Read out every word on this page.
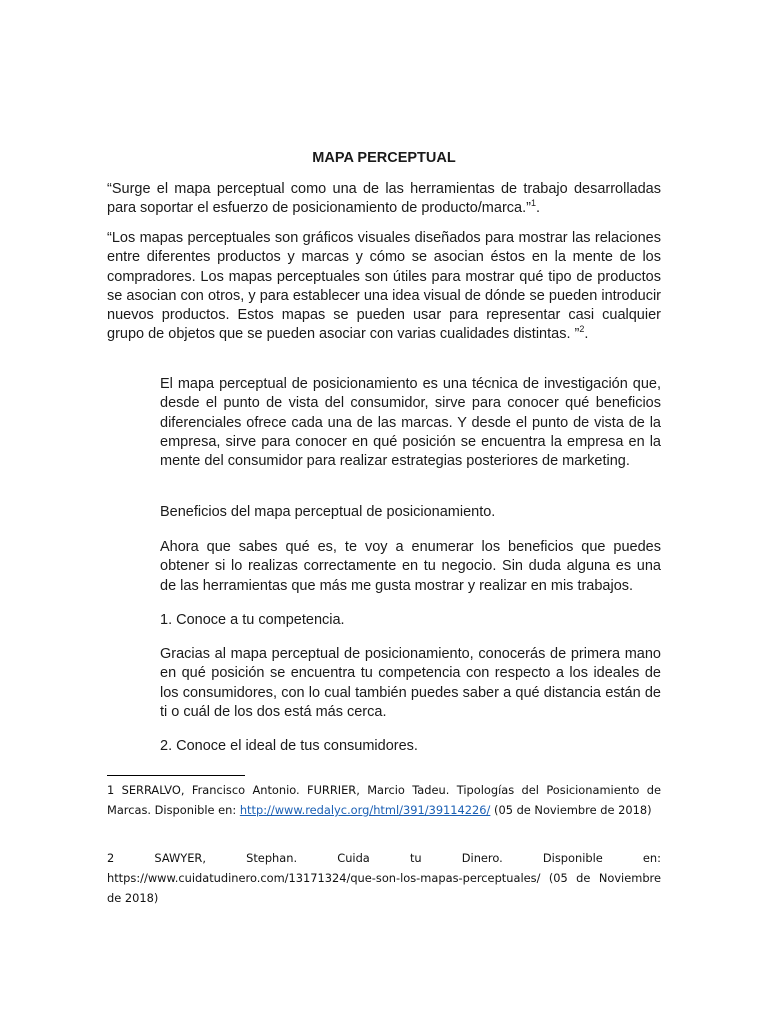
MAPA PERCEPTUAL

“Surge el mapa perceptual como una de las herramientas de trabajo desarrolladas para soportar el esfuerzo de posicionamiento de producto/marca.”$^1$.

“Los mapas perceptuales son gráficos visuales diseñados para mostrar las relaciones entre diferentes productos y marcas y cómo se asocian éstos en la mente de los compradores. Los mapas perceptuales son útiles para mostrar qué tipo de productos se asocian con otros, y para establecer una idea visual de dónde se pueden introducir nuevos productos. Estos mapas se pueden usar para representar casi cualquier grupo de objetos que se pueden asociar con varias cualidades distintas. ”$^2$.

El mapa perceptual de posicionamiento es una técnica de investigación que, desde el punto de vista del consumidor, sirve para conocer qué beneficios diferenciales ofrece cada una de las marcas. Y desde el punto de vista de la empresa, sirve para conocer en qué posición se encuentra la empresa en la mente del consumidor para realizar estrategias posteriores de marketing.

Beneficios del mapa perceptual de posicionamiento.

Ahora que sabes qué es, te voy a enumerar los beneficios que puedes obtener si lo realizas correctamente en tu negocio. Sin duda alguna es una de las herramientas que más me gusta mostrar y realizar en mis trabajos.

1. Conoce a tu competencia.

Gracias al mapa perceptual de posicionamiento, conocerás de primera mano en qué posición se encuentra tu competencia con respecto a los ideales de los consumidores, con lo cual también puedes saber a qué distancia están de ti o cuál de los dos está más cerca.

2. Conoce el ideal de tus consumidores.

1 SERRALVO, Francisco Antonio. FURRIER, Marcio Tadeu. Tipologías del Posicionamiento de Marcas. Disponible en: http://www.redalyc.org/html/391/39114226/ (05 de Noviembre de 2018)

2	SAWYER,	Stephan.	Cuida	tu	Dinero.	Disponible	en:
https://www.cuidatudinero.com/13171324/que-son-los-mapas-perceptuales/ (05 de Noviembre de 2018)
